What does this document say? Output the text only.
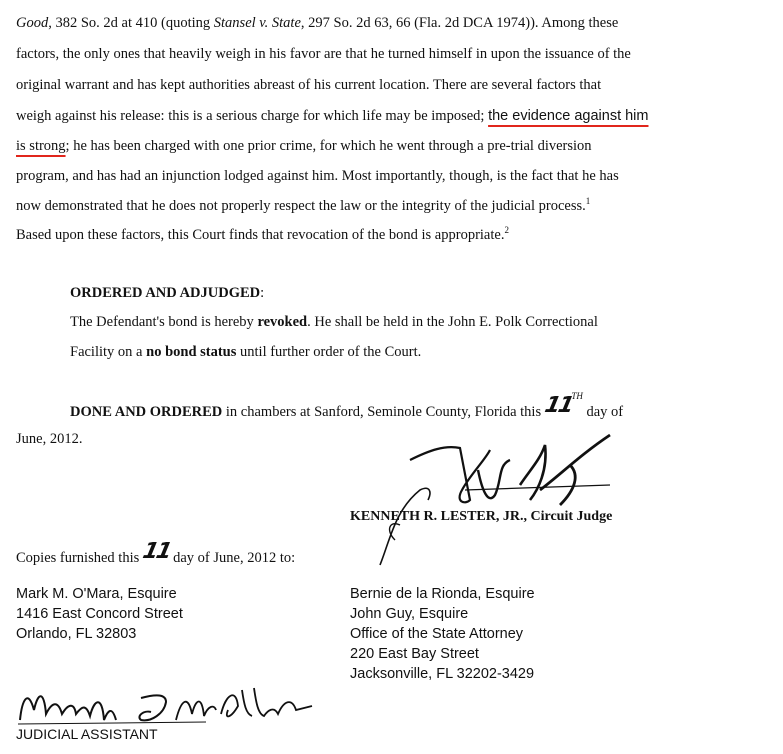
Good, 382 So. 2d at 410 (quoting Stansel v. State, 297 So. 2d 63, 66 (Fla. 2d DCA 1974)). Among these
factors, the only ones that heavily weigh in his favor are that he turned himself in upon the issuance of the
original warrant and has kept authorities abreast of his current location. There are several factors that
weigh against his release: this is a serious charge for which life may be imposed; the evidence against him
is strong; he has been charged with one prior crime, for which he went through a pre-trial diversion
program, and has had an injunction lodged against him. Most importantly, though, is the fact that he has
now demonstrated that he does not properly respect the law or the integrity of the judicial process.$^1$
Based upon these factors, this Court finds that revocation of the bond is appropriate.$^2$
ORDERED AND ADJUDGED:
The Defendant's bond is hereby revoked. He shall be held in the John E. Polk Correctional
Facility on a no bond status until further order of the Court.
DONE AND ORDERED in chambers at Sanford, Seminole County, Florida this 11TH day of
June, 2012.
KENNETH R. LESTER, JR., Circuit Judge
Copies furnished this 11 day of June, 2012 to:
Mark M. O'Mara, Esquire
1416 East Concord Street
Orlando, FL 32803
Bernie de la Rionda, Esquire
John Guy, Esquire
Office of the State Attorney
220 East Bay Street
Jacksonville, FL 32202-3429
JUDICIAL ASSISTANT
